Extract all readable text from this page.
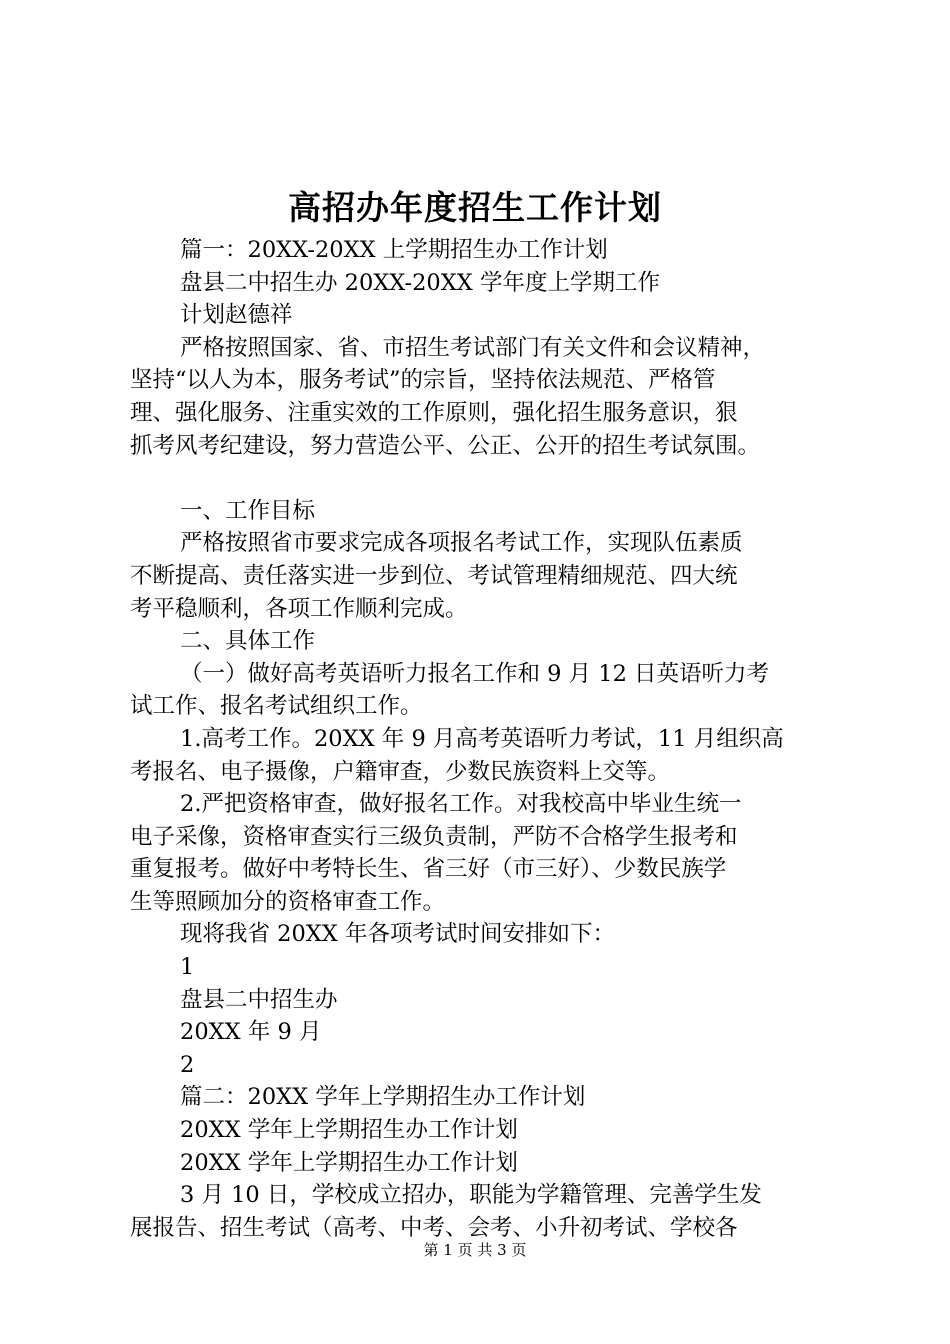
高招办年度招生工作计划

篇一：20XX-20XX 上学期招生办工作计划

盘县二中招生办 20XX-20XX 学年度上学期工作

计划赵德祥

严格按照国家、省、市招生考试部门有关文件和会议精神，

坚持“以人为本，服务考试”的宗旨，坚持依法规范、严格管

理、强化服务、注重实效的工作原则，强化招生服务意识，狠

抓考风考纪建设，努力营造公平、公正、公开的招生考试氛围。

一、工作目标

严格按照省市要求完成各项报名考试工作，实现队伍素质

不断提高、责任落实进一步到位、考试管理精细规范、四大统

考平稳顺利，各项工作顺利完成。

二、具体工作

（一）做好高考英语听力报名工作和 9 月 12 日英语听力考

试工作、报名考试组织工作。

1.高考工作。20XX 年 9 月高考英语听力考试，11 月组织高

考报名、电子摄像，户籍审查，少数民族资料上交等。

2.严把资格审查，做好报名工作。对我校高中毕业生统一

电子采像，资格审查实行三级负责制，严防不合格学生报考和

重复报考。做好中考特长生、省三好（市三好）、少数民族学

生等照顾加分的资格审查工作。

现将我省 20XX 年各项考试时间安排如下：

1

盘县二中招生办

20XX 年 9 月

2

篇二：20XX 学年上学期招生办工作计划

20XX 学年上学期招生办工作计划

20XX 学年上学期招生办工作计划

3 月 10 日，学校成立招办，职能为学籍管理、完善学生发

展报告、招生考试（高考、中考、会考、小升初考试、学校各

第 1 页 共 3 页
